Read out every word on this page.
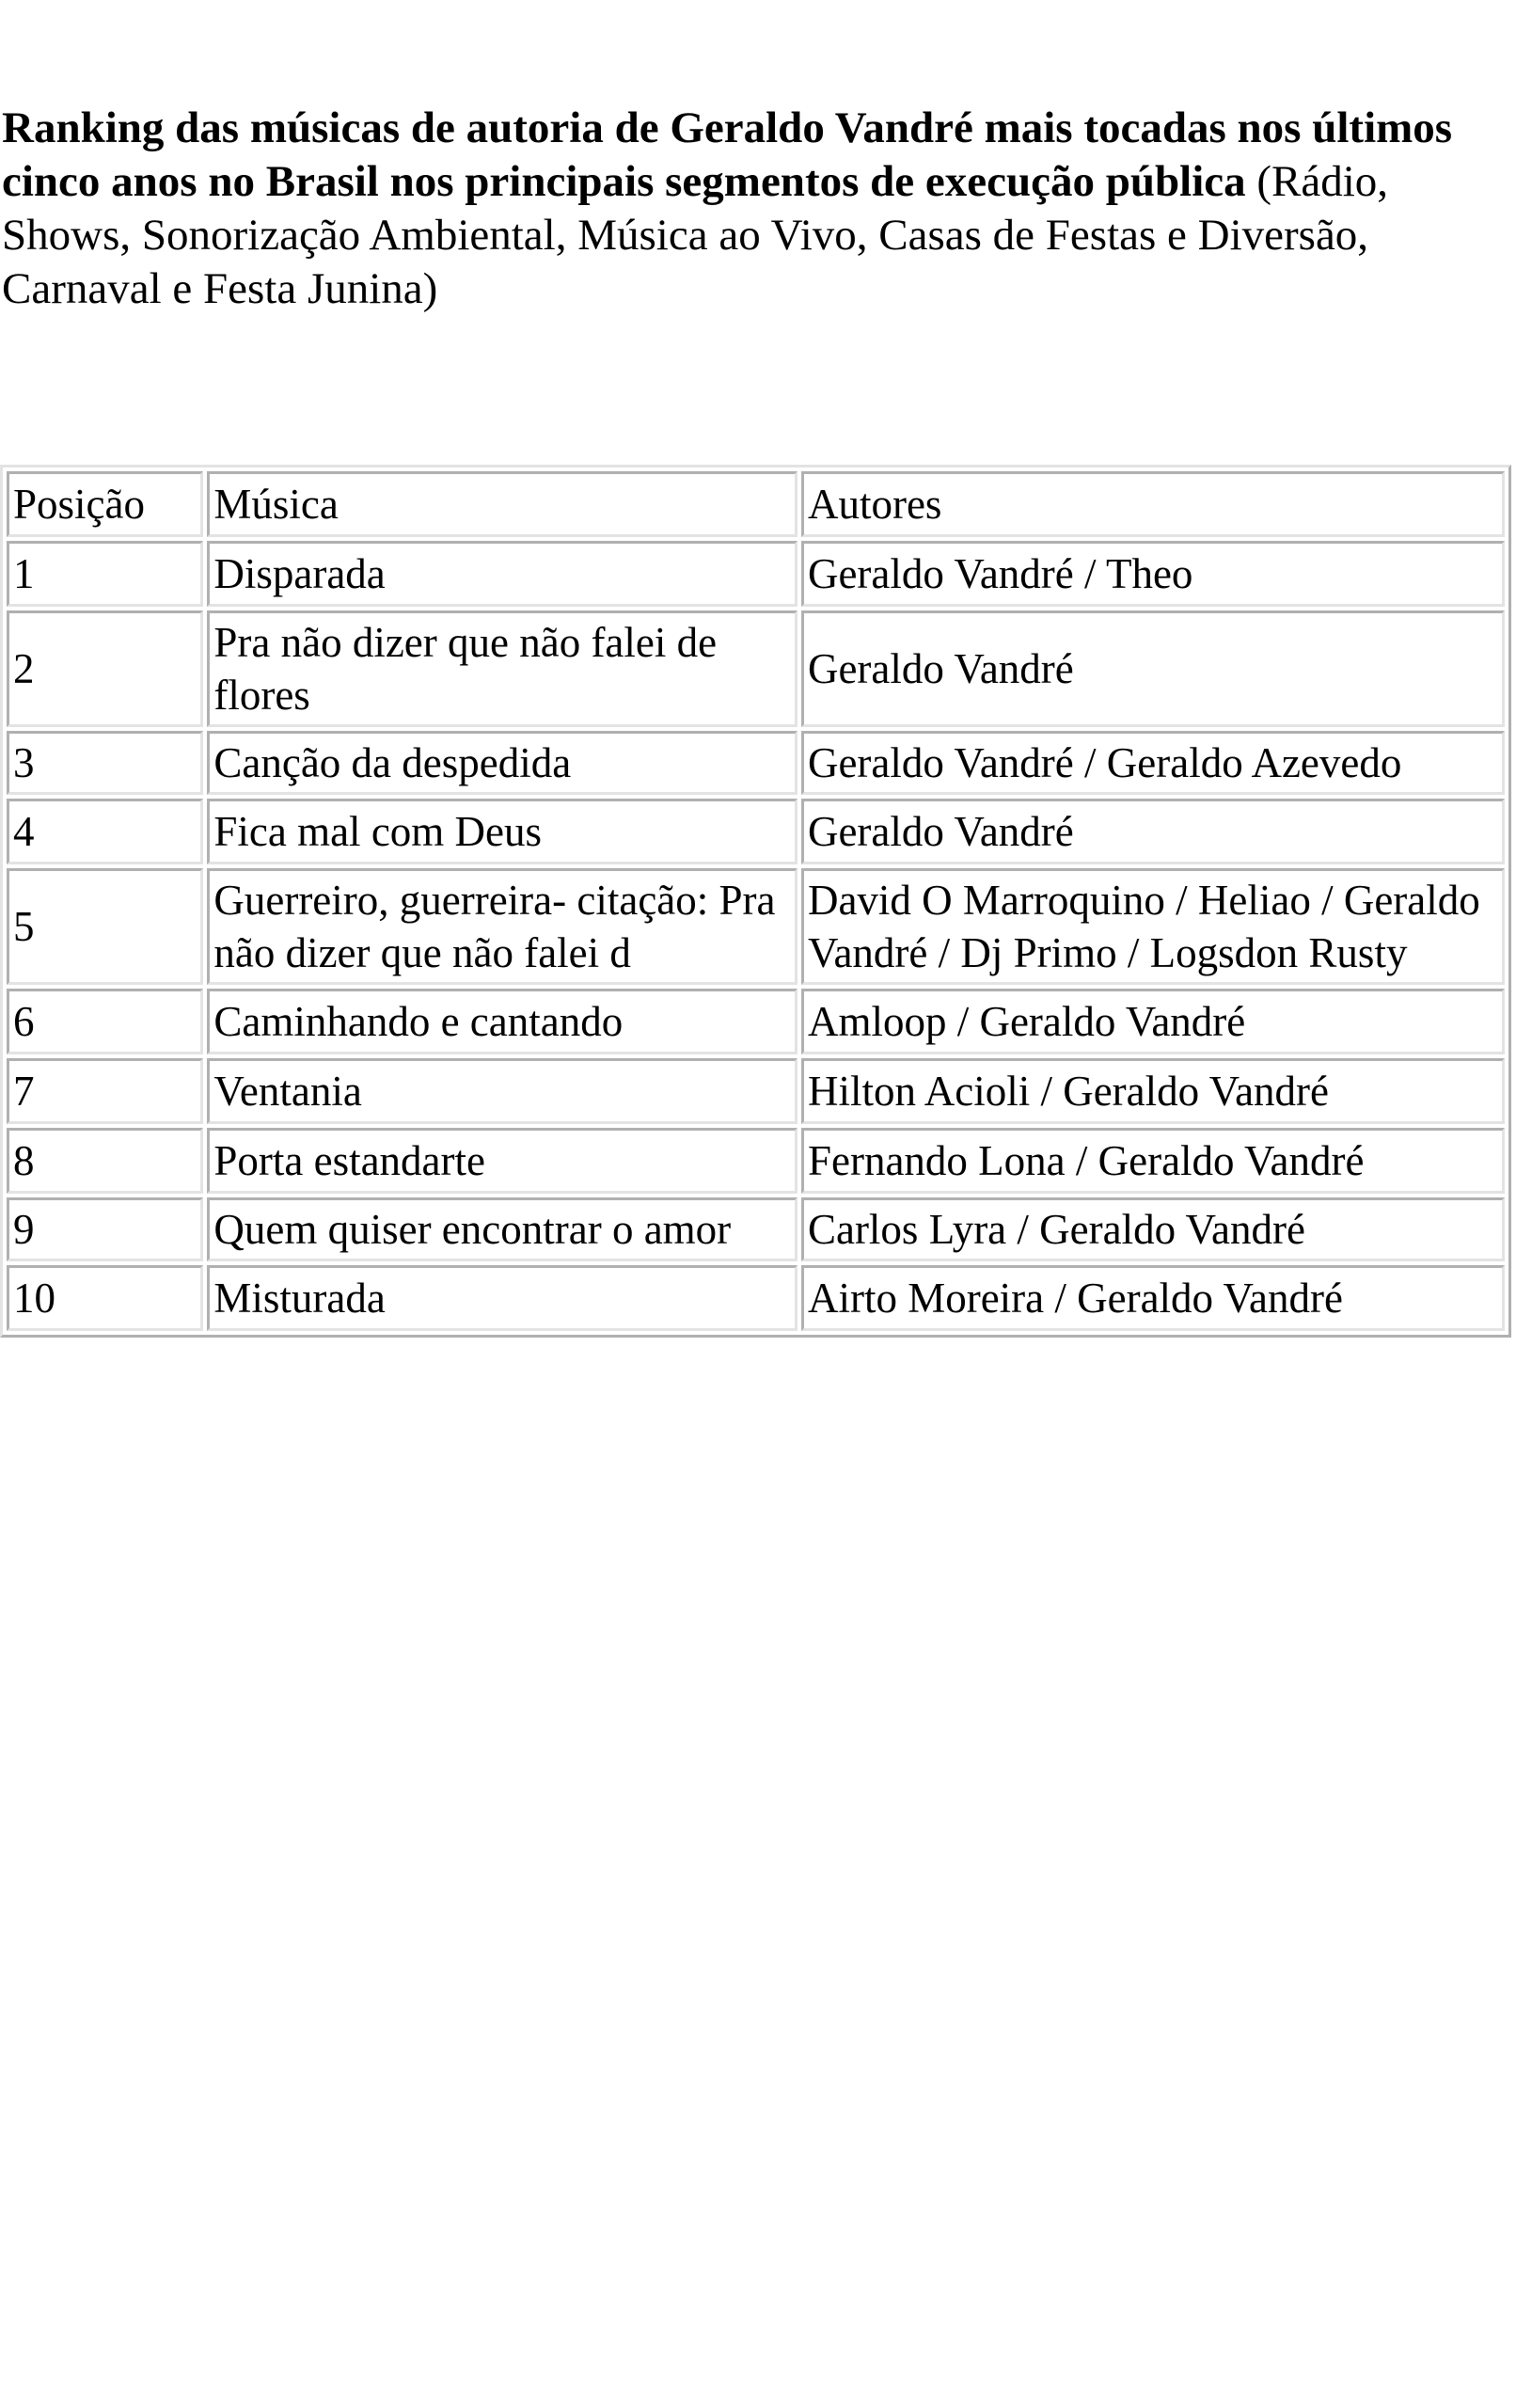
Ranking das músicas de autoria de Geraldo Vandré mais tocadas nos últimos cinco anos no Brasil nos principais segmentos de execução pública (Rádio, Shows, Sonorização Ambiental, Música ao Vivo, Casas de Festas e Diversão, Carnaval e Festa Junina)

Posição	Música	Autores
1	Disparada	Geraldo Vandré / Theo
2	Pra não dizer que não falei de flores	Geraldo Vandré
3	Canção da despedida	Geraldo Vandré / Geraldo Azevedo
4	Fica mal com Deus	Geraldo Vandré
5	Guerreiro, guerreira- citação: Pra não dizer que não falei d	David O Marroquino / Heliao / Geraldo Vandré / Dj Primo / Logsdon Rusty
6	Caminhando e cantando	Amloop / Geraldo Vandré
7	Ventania	Hilton Acioli / Geraldo Vandré
8	Porta estandarte	Fernando Lona / Geraldo Vandré
9	Quem quiser encontrar o amor	Carlos Lyra / Geraldo Vandré
10	Misturada	Airto Moreira / Geraldo Vandré
